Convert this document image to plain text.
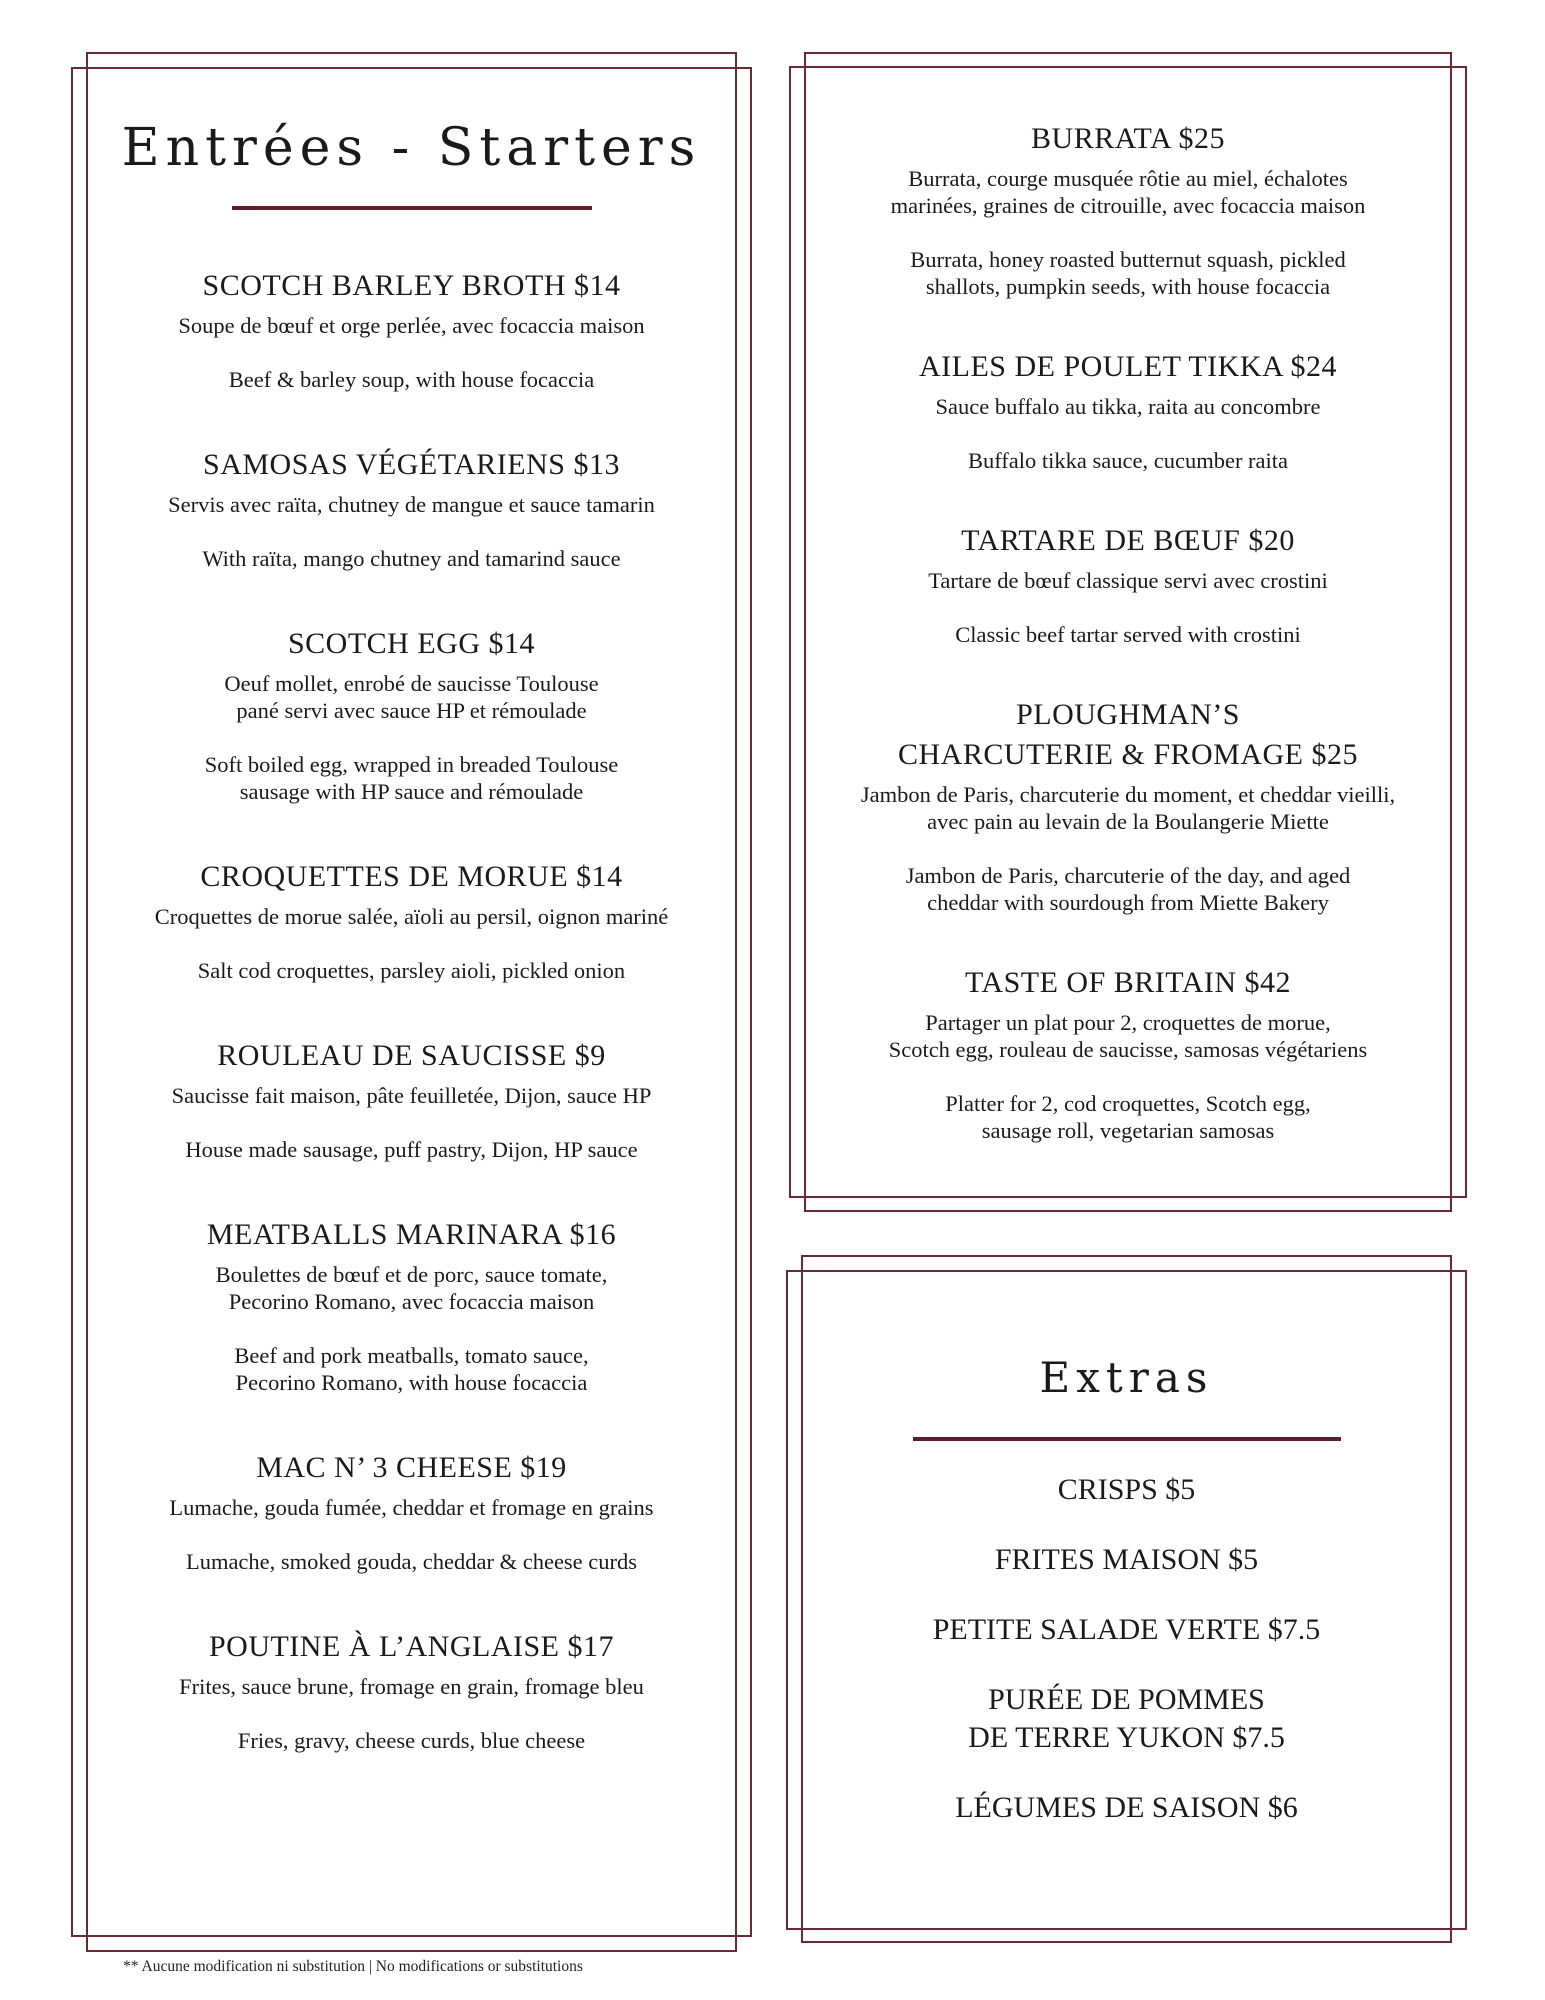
Entrées - Starters

SCOTCH BARLEY BROTH $14

Soupe de bœuf et orge perlée, avec focaccia maison

Beef & barley soup, with house focaccia

SAMOSAS VÉGÉTARIENS $13

Servis avec raïta, chutney de mangue et sauce tamarin

With raïta, mango chutney and tamarind sauce

SCOTCH EGG $14

Oeuf mollet, enrobé de saucisse Toulouse
pané servi avec sauce HP et rémoulade

Soft boiled egg, wrapped in breaded Toulouse
sausage with HP sauce and rémoulade

CROQUETTES DE MORUE $14

Croquettes de morue salée, aïoli au persil, oignon mariné

Salt cod croquettes, parsley aioli, pickled onion

ROULEAU DE SAUCISSE $9

Saucisse fait maison, pâte feuilletée, Dijon, sauce HP

House made sausage, puff pastry, Dijon, HP sauce

MEATBALLS MARINARA $16

Boulettes de bœuf et de porc, sauce tomate,
Pecorino Romano, avec focaccia maison

Beef and pork meatballs, tomato sauce,
Pecorino Romano, with house focaccia

MAC N’ 3 CHEESE $19

Lumache, gouda fumée, cheddar et fromage en grains

Lumache, smoked gouda, cheddar & cheese curds

POUTINE À L’ANGLAISE $17

Frites, sauce brune, fromage en grain, fromage bleu

Fries, gravy, cheese curds, blue cheese

BURRATA $25

Burrata, courge musquée rôtie au miel, échalotes
marinées, graines de citrouille, avec focaccia maison

Burrata, honey roasted butternut squash, pickled
shallots, pumpkin seeds, with house focaccia

AILES DE POULET TIKKA $24

Sauce buffalo au tikka, raita au concombre

Buffalo tikka sauce, cucumber raita

TARTARE DE BŒUF $20

Tartare de bœuf classique servi avec crostini

Classic beef tartar served with crostini

PLOUGHMAN’S
CHARCUTERIE & FROMAGE $25

Jambon de Paris, charcuterie du moment, et cheddar vieilli,
avec pain au levain de la Boulangerie Miette

Jambon de Paris, charcuterie of the day, and aged
cheddar with sourdough from Miette Bakery

TASTE OF BRITAIN $42

Partager un plat pour 2, croquettes de morue,
Scotch egg, rouleau de saucisse, samosas végétariens

Platter for 2, cod croquettes, Scotch egg,
sausage roll, vegetarian samosas

Extras

CRISPS $5

FRITES MAISON $5

PETITE SALADE VERTE $7.5

PURÉE DE POMMES
DE TERRE YUKON $7.5

LÉGUMES DE SAISON $6

** Aucune modification ni substitution | No modifications or substitutions
